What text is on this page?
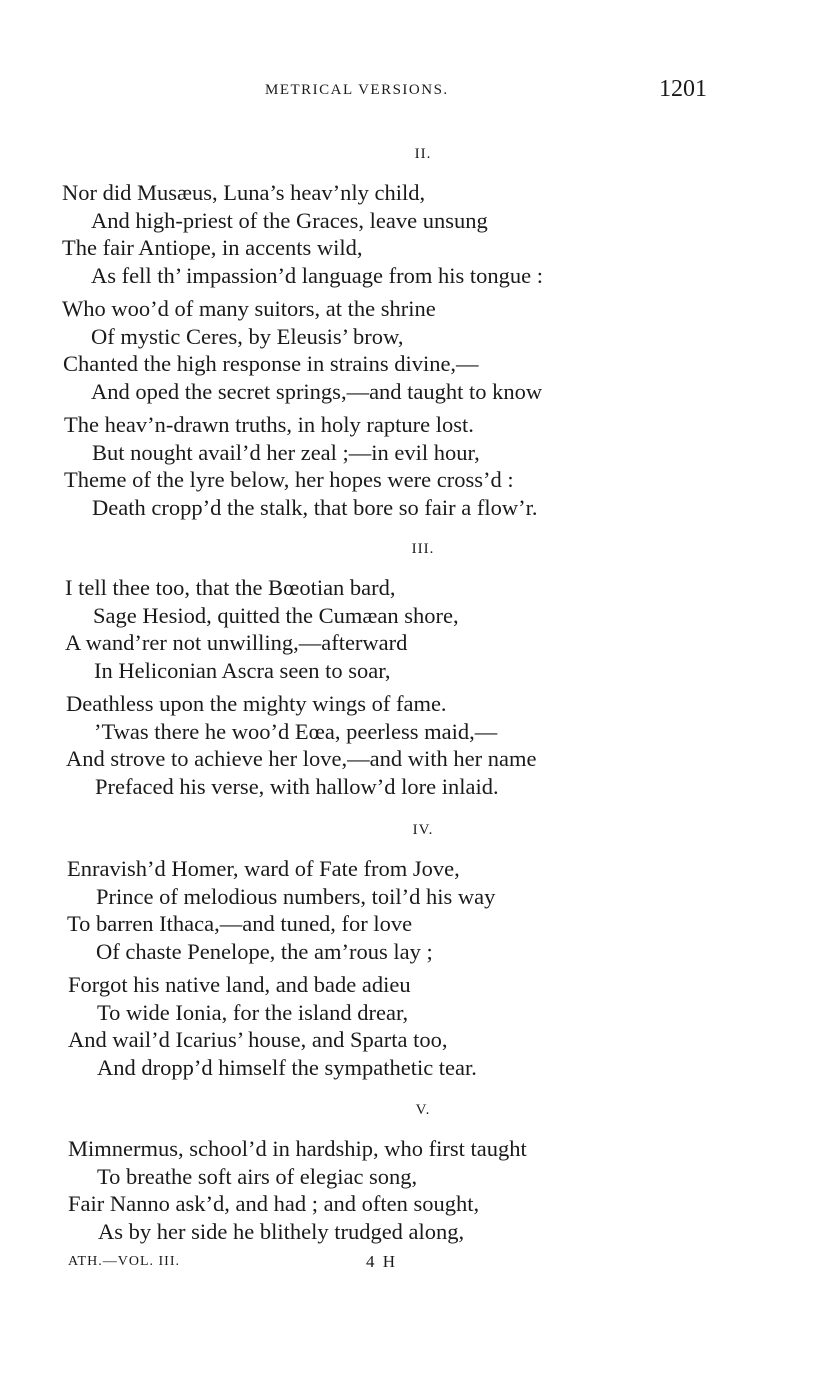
METRICAL VERSIONS.	1201
II.
Nor did Musæus, Luna’s heav’nly child,
And high-priest of the Graces, leave unsung
The fair Antiope, in accents wild,
As fell th’ impassion’d language from his tongue :
Who woo’d of many suitors, at the shrine
Of mystic Ceres, by Eleusis’ brow,
Chanted the high response in strains divine,—
And oped the secret springs,—and taught to know
The heav’n-drawn truths, in holy rapture lost.
But nought avail’d her zeal ;—in evil hour,
Theme of the lyre below, her hopes were cross’d :
Death cropp’d the stalk, that bore so fair a flow’r.
III.
I tell thee too, that the Bœotian bard,
Sage Hesiod, quitted the Cumæan shore,
A wand’rer not unwilling,—afterward
In Heliconian Ascra seen to soar,
Deathless upon the mighty wings of fame.
’Twas there he woo’d Eœa, peerless maid,—
And strove to achieve her love,—and with her name
Prefaced his verse, with hallow’d lore inlaid.
IV.
Enravish’d Homer, ward of Fate from Jove,
Prince of melodious numbers, toil’d his way
To barren Ithaca,—and tuned, for love
Of chaste Penelope, the am’rous lay ;
Forgot his native land, and bade adieu
To wide Ionia, for the island drear,
And wail’d Icarius’ house, and Sparta too,
And dropp’d himself the sympathetic tear.
V.
Mimnermus, school’d in hardship, who first taught
To breathe soft airs of elegiac song,
Fair Nanno ask’d, and had ; and often sought,
As by her side he blithely trudged along,
ATH.—VOL. III.	4 H
